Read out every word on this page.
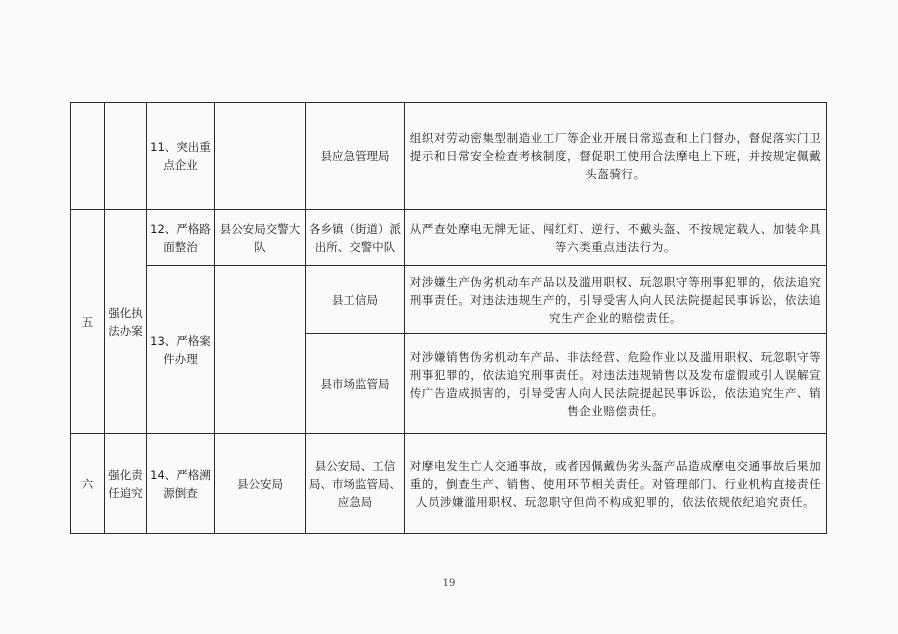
		11、突出重点企业		县应急管理局	组织对劳动密集型制造业工厂等企业开展日常巡查和上门督办，督促落实门卫提示和日常安全检查考核制度，督促职工使用合法摩电上下班，并按规定佩戴头盔骑行。
五	强化执法办案	12、严格路面整治	县公安局交警大队	各乡镇（街道）派出所、交警中队	从严查处摩电无牌无证、闯红灯、逆行、不戴头盔、不按规定载人、加装伞具等六类重点违法行为。
		13、严格案件办理		县工信局	对涉嫌生产伪劣机动车产品以及滥用职权、玩忽职守等刑事犯罪的，依法追究刑事责任。对违法违规生产的，引导受害人向人民法院提起民事诉讼，依法追究生产企业的赔偿责任。
				县市场监管局	对涉嫌销售伪劣机动车产品、非法经营、危险作业以及滥用职权、玩忽职守等刑事犯罪的，依法追究刑事责任。对违法违规销售以及发布虚假或引人误解宣传广告造成损害的，引导受害人向人民法院提起民事诉讼，依法追究生产、销售企业赔偿责任。
六	强化责任追究	14、严格溯源倒查	县公安局	县公安局、工信局、市场监管局、应急局	对摩电发生亡人交通事故，或者因佩戴伪劣头盔产品造成摩电交通事故后果加重的，倒查生产、销售、使用环节相关责任。对管理部门、行业机构直接责任人员涉嫌滥用职权、玩忽职守但尚不构成犯罪的，依法依规依纪追究责任。
19
